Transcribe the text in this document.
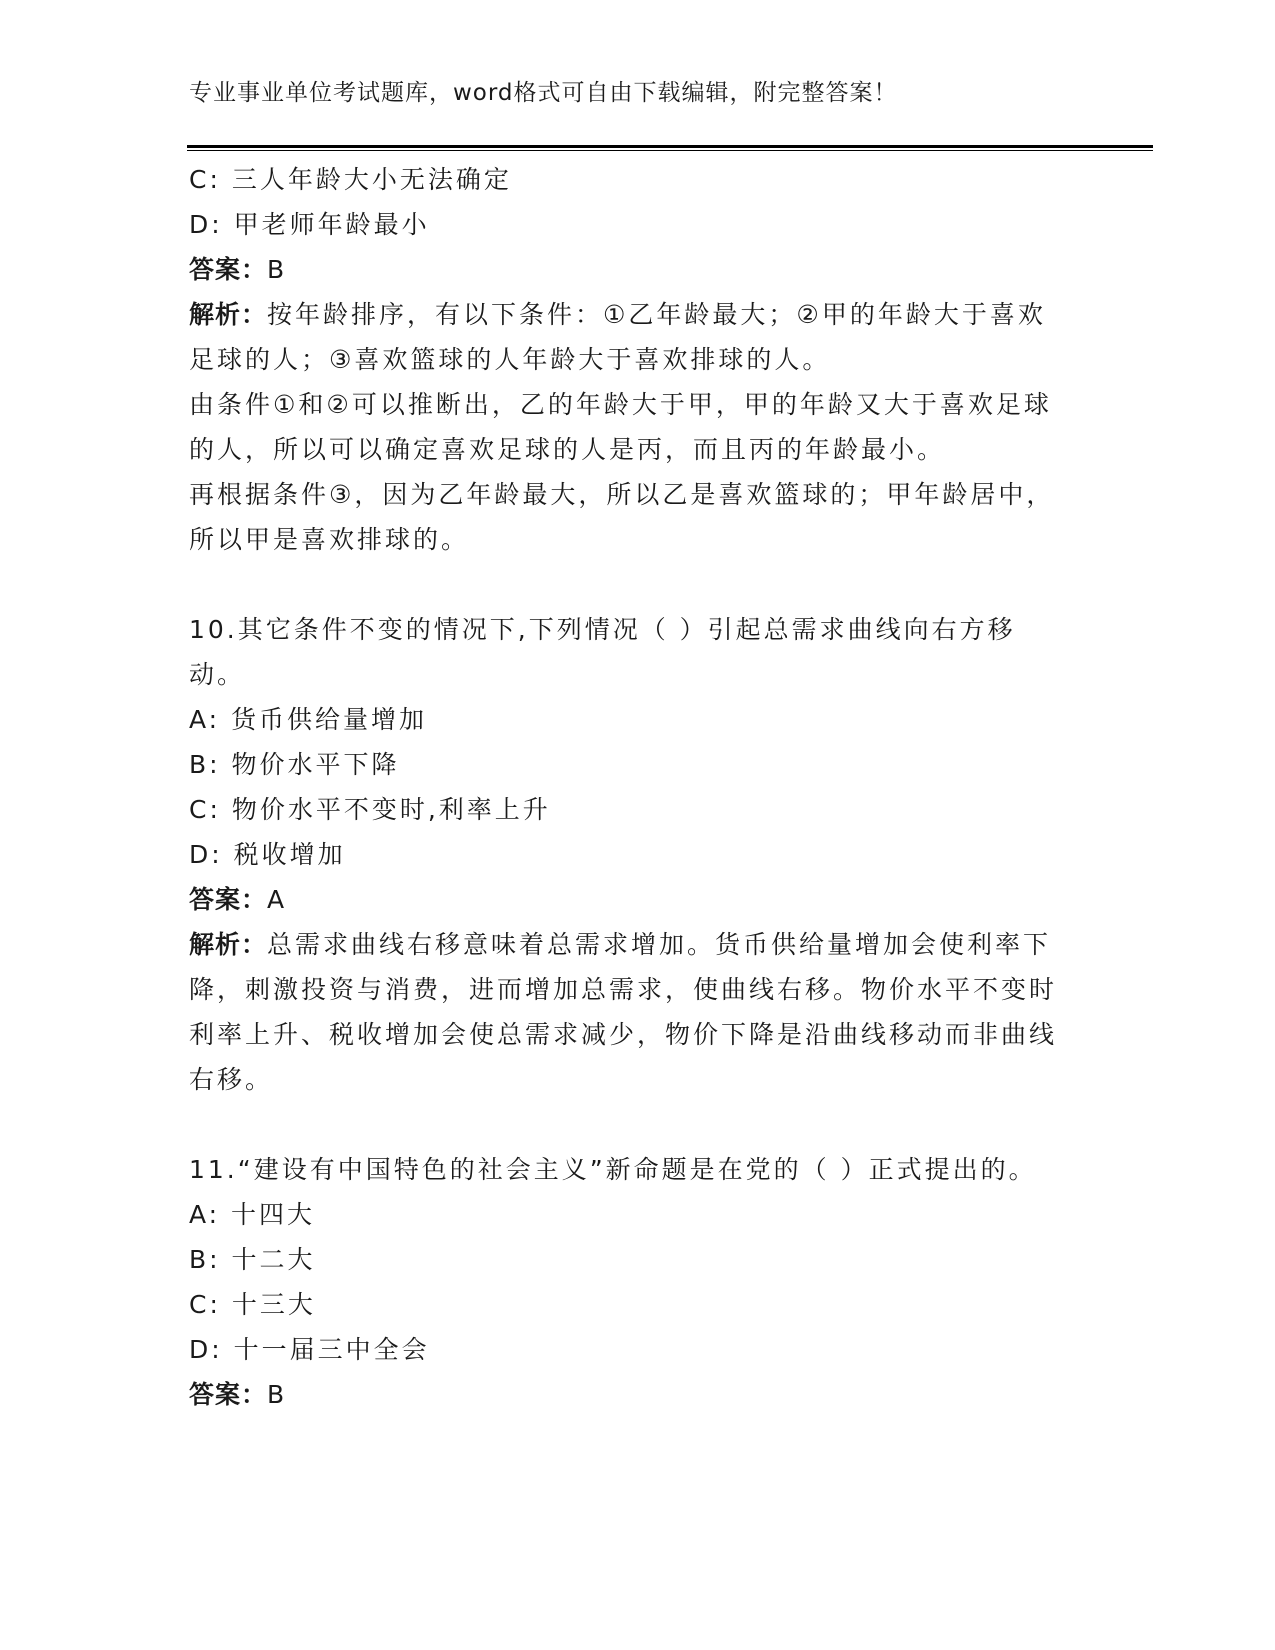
专业事业单位考试题库，word格式可自由下载编辑，附完整答案！

C: 三人年龄大小无法确定

D: 甲老师年龄最小

答案：B

解析：按年龄排序，有以下条件：①乙年龄最大；②甲的年龄大于喜欢足球的人；③喜欢篮球的人年龄大于喜欢排球的人。

由条件①和②可以推断出，乙的年龄大于甲，甲的年龄又大于喜欢足球的人，所以可以确定喜欢足球的人是丙，而且丙的年龄最小。

再根据条件③，因为乙年龄最大，所以乙是喜欢篮球的；甲年龄居中，所以甲是喜欢排球的。

10.其它条件不变的情况下,下列情况（ ）引起总需求曲线向右方移动。

A: 货币供给量增加

B: 物价水平下降

C: 物价水平不变时,利率上升

D: 税收增加

答案：A

解析：总需求曲线右移意味着总需求增加。货币供给量增加会使利率下降，刺激投资与消费，进而增加总需求，使曲线右移。物价水平不变时利率上升、税收增加会使总需求减少，物价下降是沿曲线移动而非曲线右移。

11.“建设有中国特色的社会主义”新命题是在党的（ ）正式提出的。

A: 十四大

B: 十二大

C: 十三大

D: 十一届三中全会

答案：B
